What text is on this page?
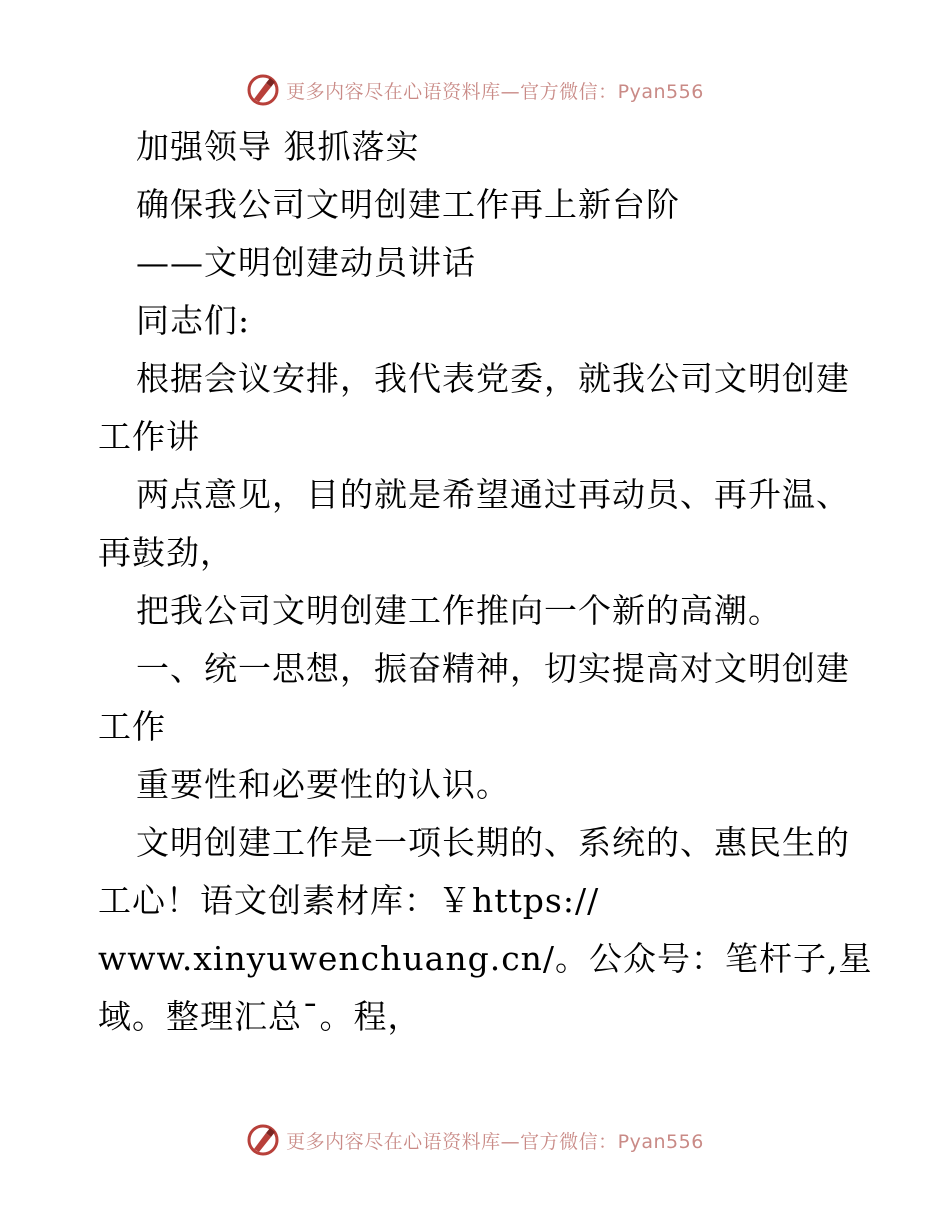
更多内容尽在心语资料库—官方微信：Pyan556

加强领导 狠抓落实

确保我公司文明创建工作再上新台阶

——文明创建动员讲话

同志们:

根据会议安排，我代表党委，就我公司文明创建

工作讲

两点意见，目的就是希望通过再动员、再升温、

再鼓劲，

把我公司文明创建工作推向一个新的高潮。

一、统一思想，振奋精神，切实提高对文明创建

工作

重要性和必要性的认识。

文明创建工作是一项长期的、系统的、惠民生的

工心！语文创素材库：￥https://

www.xinyuwenchuang.cn/。公众号：笔杆子,星

域。整理汇总¯。程，

更多内容尽在心语资料库—官方微信：Pyan556
